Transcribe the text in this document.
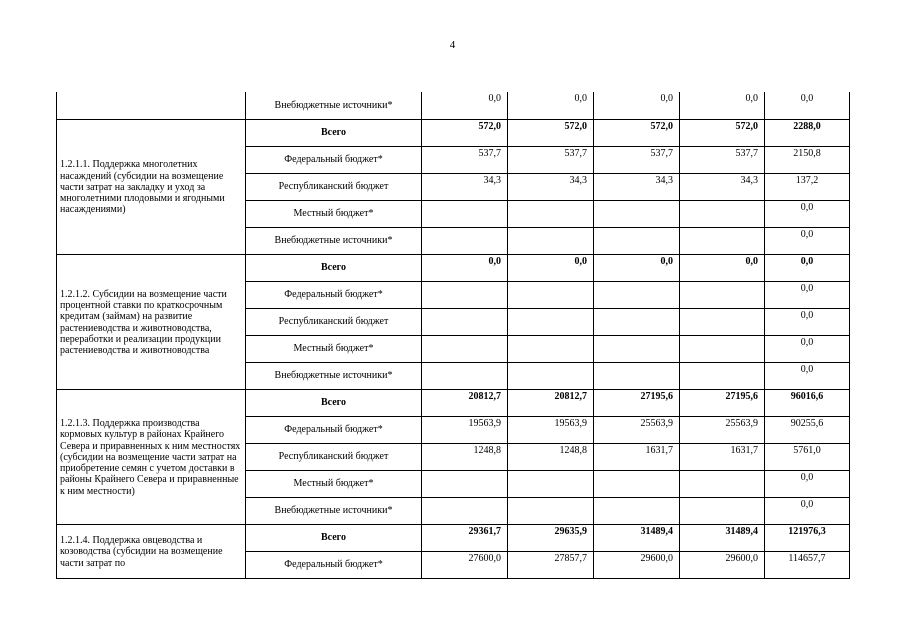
4
	Внебюджетные источники*	0,0	0,0	0,0	0,0	0,0
1.2.1.1. Поддержка многолетних насаждений (субсидии на возмещение части затрат на закладку и уход за многолетними плодовыми и ягодными насаждениями)	Всего	572,0	572,0	572,0	572,0	2288,0
	Федеральный бюджет*	537,7	537,7	537,7	537,7	2150,8
	Республиканский бюджет	34,3	34,3	34,3	34,3	137,2
	Местный бюджет*					0,0
	Внебюджетные источники*					0,0
1.2.1.2. Субсидии на возмещение части процентной ставки по краткосрочным кредитам (займам) на развитие растениеводства и животноводства, переработки и реализации продукции растениеводства и животноводства	Всего	0,0	0,0	0,0	0,0	0,0
	Федеральный бюджет*					0,0
	Республиканский бюджет					0,0
	Местный бюджет*					0,0
	Внебюджетные источники*					0,0
1.2.1.3. Поддержка производства кормовых культур в районах Крайнего Севера и приравненных к ним местностях (субсидии на возмещение части затрат на приобретение семян с учетом доставки в районы Крайнего Севера и приравненные к ним местности)	Всего	20812,7	20812,7	27195,6	27195,6	96016,6
	Федеральный бюджет*	19563,9	19563,9	25563,9	25563,9	90255,6
	Республиканский бюджет	1248,8	1248,8	1631,7	1631,7	5761,0
	Местный бюджет*					0,0
	Внебюджетные источники*					0,0
1.2.1.4. Поддержка овцеводства и козоводства (субсидии на возмещение части затрат по	Всего	29361,7	29635,9	31489,4	31489,4	121976,3
	Федеральный бюджет*	27600,0	27857,7	29600,0	29600,0	114657,7
